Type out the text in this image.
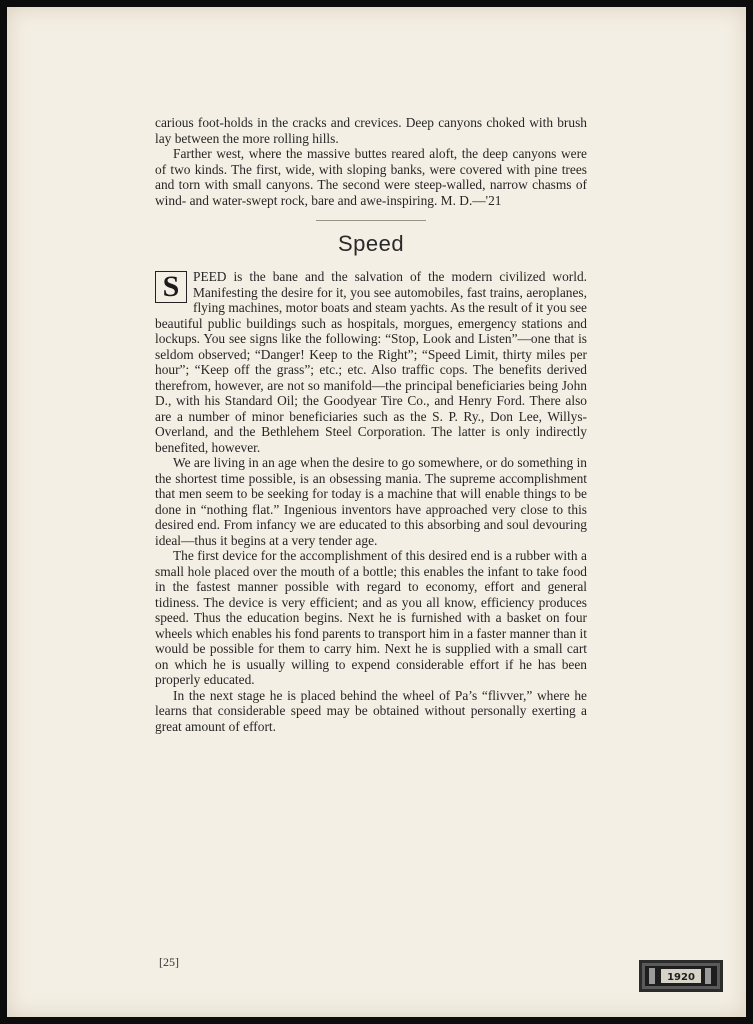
carious foot-holds in the cracks and crevices. Deep canyons choked with brush lay between the more rolling hills.

Farther west, where the massive buttes reared aloft, the deep canyons were of two kinds. The first, wide, with sloping banks, were covered with pine trees and torn with small canyons. The second were steep-walled, narrow chasms of wind- and water-swept rock, bare and awe-inspiring. M. D.—'21

Speed

S	PEED is the bane and the salvation of the modern civilized world. Manifesting the desire for it, you see automobiles, fast trains, aeroplanes, flying machines, motor boats and steam yachts. As the result of it you see beautiful public buildings such as hospitals, morgues, emergency stations and lockups. You see signs like the following: “Stop, Look and Listen”—one that is seldom observed; “Danger! Keep to the Right”; “Speed Limit, thirty miles per hour”; “Keep off the grass”; etc.; etc. Also traffic cops. The benefits derived therefrom, however, are not so manifold—the principal beneficiaries being John D., with his Standard Oil; the Goodyear Tire Co., and Henry Ford. There also are a number of minor beneficiaries such as the S. P. Ry., Don Lee, Willys-Overland, and the Bethlehem Steel Corporation. The latter is only indirectly benefited, however.

We are living in an age when the desire to go somewhere, or do something in the shortest time possible, is an obsessing mania. The supreme accomplishment that men seem to be seeking for today is a machine that will enable things to be done in “nothing flat.” Ingenious inventors have approached very close to this desired end. From infancy we are educated to this absorbing and soul devouring ideal—thus it begins at a very tender age.

The first device for the accomplishment of this desired end is a rubber with a small hole placed over the mouth of a bottle; this enables the infant to take food in the fastest manner possible with regard to economy, effort and general tidiness. The device is very efficient; and as you all know, efficiency produces speed. Thus the education begins. Next he is furnished with a basket on four wheels which enables his fond parents to transport him in a faster manner than it would be possible for them to carry him. Next he is supplied with a small cart on which he is usually willing to expend considerable effort if he has been properly educated.

In the next stage he is placed behind the wheel of Pa’s “flivver,” where he learns that considerable speed may be obtained without personally exerting a great amount of effort.

[25]
1920
